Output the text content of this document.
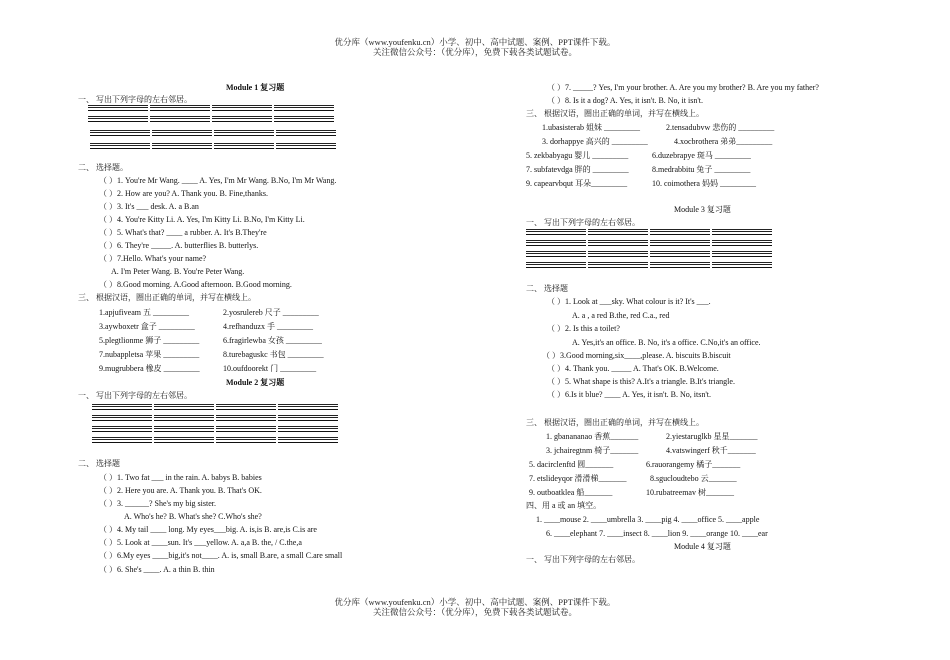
优分库（www.youfenku.cn）小学、初中、高中试题、案例、PPT课件下载。
关注微信公众号：（优分库），免费下载各类试题试卷。
Module 1 复习题
一、 写出下列字母的左右邻居。
二、 选择题。
（ ）1. You're Mr Wang. ____ A. Yes, I'm Mr Wang. B.No, I'm Mr Wang.
（ ）2. How are you? A. Thank you. B. Fine,thanks.
（ ）3. It's ___ desk. A. a B.an
（ ）4. You're Kitty Li. A. Yes, I'm Kitty Li. B.No, I'm Kitty Li.
（ ）5. What's that? ____ a rubber. A. It's B.They're
（ ）6. They're _____. A. butterflies B. butterlys.
（ ）7.Hello. What's your name?
A. I'm Peter Wang. B. You're Peter Wang.
（ ）8.Good morning. A.Good afternoon. B.Good morning.
三、 根据汉语，圈出正确的单词，并写在横线上。
1.apjufiveam 五 _________	2.yosrulereb 尺子 _________
3.aywboxetr 盒子 _________	4.refhanduzx 手 _________
5.plegtlionme 狮子 _________	6.fragirlewba 女孩 _________
7.nubappletsa 苹果 _________	8.turebaguskc 书包 _________
9.mugrubbera 橡皮 _________	10.oufdoorekt 门 _________
Module 2 复习题
一、 写出下列字母的左右邻居。
二、 选择题
（ ）1. Two fat ___ in the rain. A. babys B. babies
（ ）2. Here you are. A. Thank you. B. That's OK.
（ ）3. ______? She's my big sister.
A. Who's he? B. What's she? C.Who's she?
（ ）4. My tail ____ long. My eyes___big. A. is,is B. are,is C.is are
（ ）5. Look at ____sun. It's ___yellow. A. a,a B. the, / C.the,a
（ ）6.My eyes ____big,it's not____. A. is, small B.are, a small C.are small
（ ）6. She's ____. A. a thin B. thin
（ ）7. _____? Yes, I'm your brother. A. Are you my brother? B. Are you my father?
（ ）8. Is it a dog? A. Yes, it isn't. B. No, it isn't.
三、 根据汉语，圈出正确的单词，并写在横线上。
1.ubasisterab 姐妹 _________	2.tensadubvw 悲伤的 _________
3. dorhappye 高兴的 _________	4.xocbrothera 弟弟_________
5. zekbabyagu 婴儿 _________	6.duzebrapye 斑马 _________
7. subfatevdga 胖的 _________	8.medrabbitu 兔子 _________
9. capearvbqut 耳朵_________	10. coimothera 妈妈 _________
Module 3 复习题
一、 写出下列字母的左右邻居。
二、 选择题
（ ）1. Look at ___sky. What colour is it? It's ___.
A. a , a red B.the, red C.a., red
（ ）2. Is this a toilet?
A. Yes,it's an office. B. No, it's a office. C.No,it's an office.
（ ）3.Good morning,six____,please. A. biscuits B.biscuit
（ ）4. Thank you. _____ A. That's OK. B.Welcome.
（ ）5. What shape is this? A.It's a triangle. B.It's triangle.
（ ）6.Is it blue? ____ A. Yes, it isn't. B. No, itsn't.
三、 根据汉语，圈出正确的单词，并写在横线上。
1. gbanananao 香蕉_______	2.yiestaruglkb 星星_______
3. jchairegtnm 椅子_______	4.vatswingerf 秋千_______
5. dacirclenftd 圆_______	6.rauorangemy 橘子_______
7. etslideyqor 滑滑梯_______	8.sgucloudtebo 云_______
9. outboatklea 船_______	10.rubatreemav 树_______
四、用 a 或 an 填空。
1. ____mouse 2. ____umbrella 3. ____pig 4. ____office 5. ____apple
6. ____elephant 7. ____insect 8. ____lion 9. ____orange 10. ____ear
Module 4 复习题
一、 写出下列字母的左右邻居。
优分库（www.youfenku.cn）小学、初中、高中试题、案例、PPT课件下载。
关注微信公众号：（优分库），免费下载各类试题试卷。
